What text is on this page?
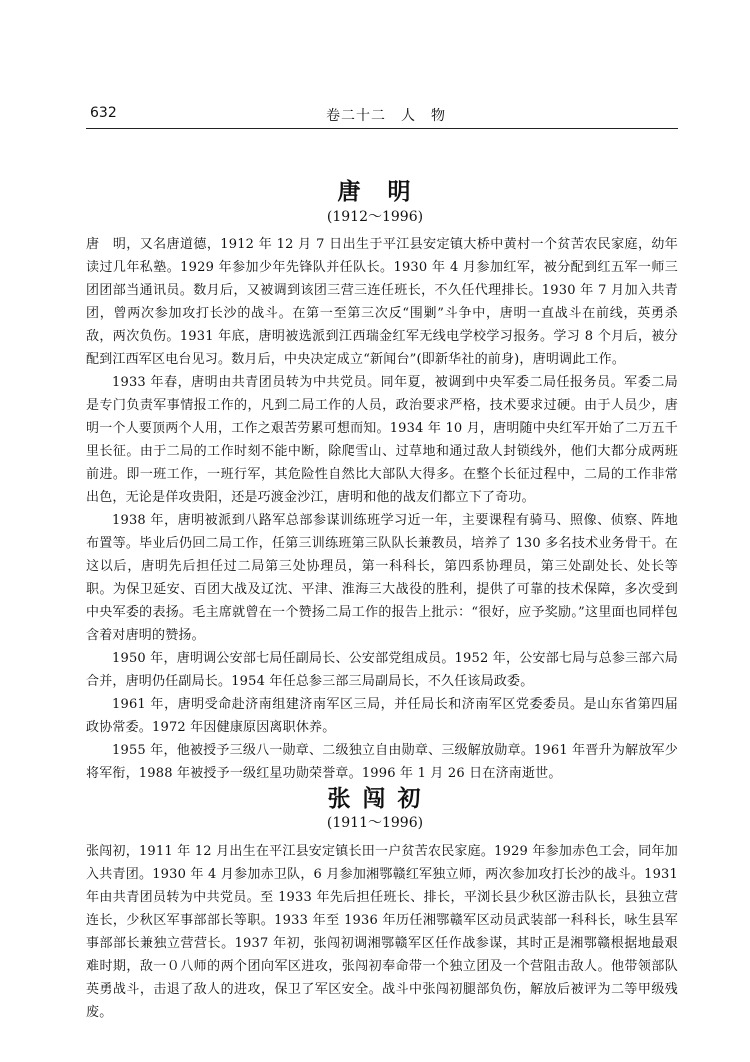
632	卷二十二　人　物
唐　明
(1912～1996)

唐　明，又名唐道德，1912 年 12 月 7 日出生于平江县安定镇大桥中黄村一个贫苦农民家庭，幼年读过几年私塾。1929 年参加少年先锋队并任队长。1930 年 4 月参加红军，被分配到红五军一师三团团部当通讯员。数月后，又被调到该团三营三连任班长，不久任代理排长。1930 年 7 月加入共青团，曾两次参加攻打长沙的战斗。在第一至第三次反“围剿”斗争中，唐明一直战斗在前线，英勇杀敌，两次负伤。1931 年底，唐明被选派到江西瑞金红军无线电学校学习报务。学习 8 个月后，被分配到江西军区电台见习。数月后，中央决定成立“新闻台”(即新华社的前身)，唐明调此工作。

1933 年春，唐明由共青团员转为中共党员。同年夏，被调到中央军委二局任报务员。军委二局是专门负责军事情报工作的，凡到二局工作的人员，政治要求严格，技术要求过硬。由于人员少，唐明一个人要顶两个人用，工作之艰苦劳累可想而知。1934 年 10 月，唐明随中央红军开始了二万五千里长征。由于二局的工作时刻不能中断，除爬雪山、过草地和通过敌人封锁线外，他们大都分成两班前进。即一班工作，一班行军，其危险性自然比大部队大得多。在整个长征过程中，二局的工作非常出色，无论是佯攻贵阳，还是巧渡金沙江，唐明和他的战友们都立下了奇功。

1938 年，唐明被派到八路军总部参谋训练班学习近一年，主要课程有骑马、照像、侦察、阵地布置等。毕业后仍回二局工作，任第三训练班第三队队长兼教员，培养了 130 多名技术业务骨干。在这以后，唐明先后担任过二局第三处协理员，第一科科长，第四系协理员，第三处副处长、处长等职。为保卫延安、百团大战及辽沈、平津、淮海三大战役的胜利，提供了可靠的技术保障，多次受到中央军委的表扬。毛主席就曾在一个赞扬二局工作的报告上批示：“很好，应予奖励。”这里面也同样包含着对唐明的赞扬。

1950 年，唐明调公安部七局任副局长、公安部党组成员。1952 年，公安部七局与总参三部六局合并，唐明仍任副局长。1954 年任总参三部三局副局长，不久任该局政委。

1961 年，唐明受命赴济南组建济南军区三局，并任局长和济南军区党委委员。是山东省第四届政协常委。1972 年因健康原因离职休养。

1955 年，他被授予三级八一勋章、二级独立自由勋章、三级解放勋章。1961 年晋升为解放军少将军衔，1988 年被授予一级红星功勋荣誉章。1996 年 1 月 26 日在济南逝世。

张 闯 初
(1911～1996)

张闯初，1911 年 12 月出生在平江县安定镇长田一户贫苦农民家庭。1929 年参加赤色工会，同年加入共青团。1930 年 4 月参加赤卫队，6 月参加湘鄂赣红军独立师，两次参加攻打长沙的战斗。1931 年由共青团员转为中共党员。至 1933 年先后担任班长、排长，平浏长县少秋区游击队长，县独立营连长，少秋区军事部部长等职。1933 年至 1936 年历任湘鄂赣军区动员武装部一科科长，咏生县军事部部长兼独立营营长。1937 年初，张闯初调湘鄂赣军区任作战参谋，其时正是湘鄂赣根据地最艰难时期，敌一０八师的两个团向军区进攻，张闯初奉命带一个独立团及一个营阻击敌人。他带领部队英勇战斗，击退了敌人的进攻，保卫了军区安全。战斗中张闯初腿部负伤，解放后被评为二等甲级残废。
